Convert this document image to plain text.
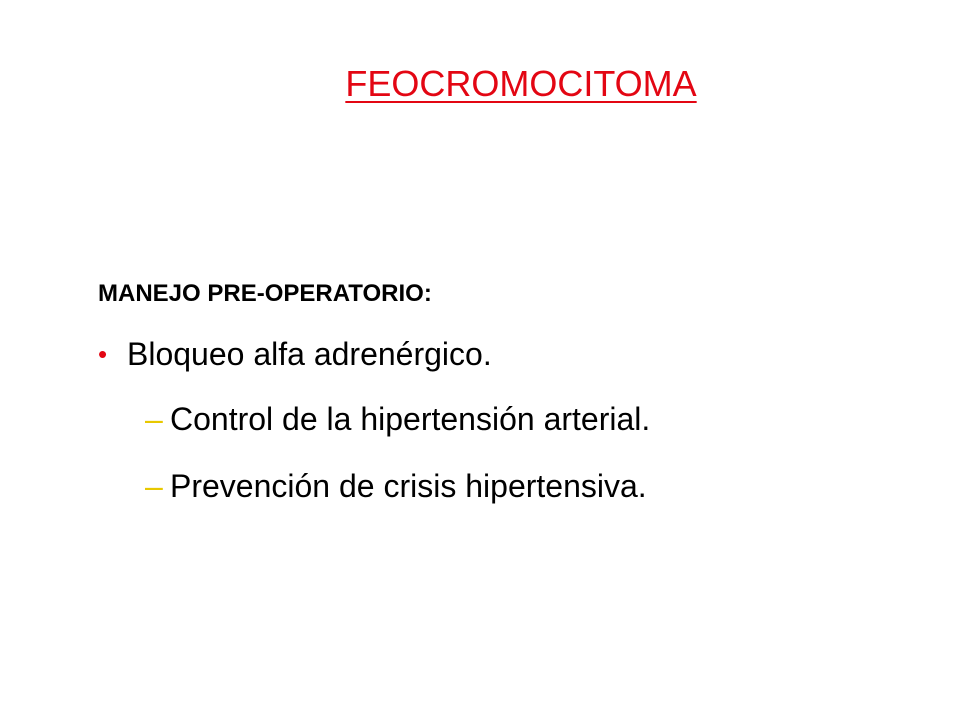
FEOCROMOCITOMA
MANEJO PRE-OPERATORIO:
• Bloqueo alfa adrenérgico.
– Control de la hipertensión arterial.
– Prevención de crisis hipertensiva.
